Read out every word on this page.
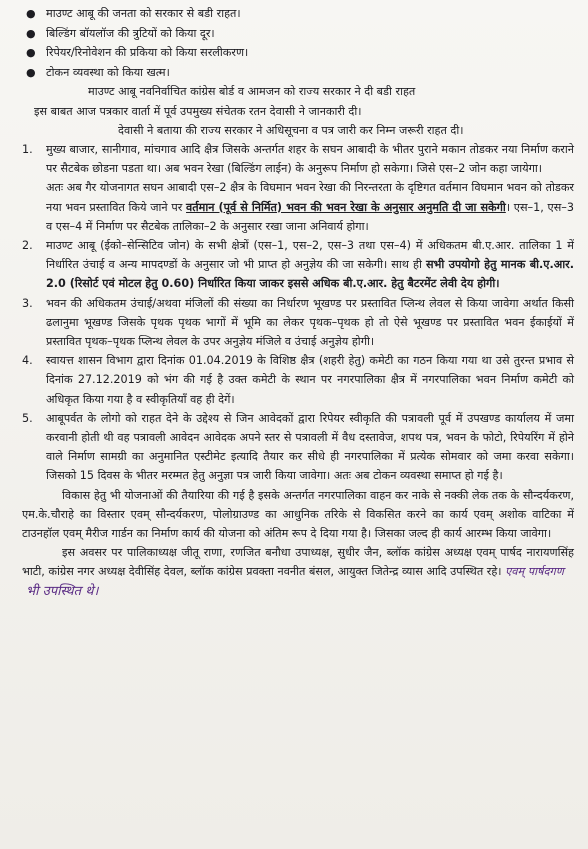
● माउण्ट आबू की जनता को सरकार से बडी राहत।
● बिल्डिंग बॉयलॉज की त्रुटियों को किया दूर।
● रिपेयर/रिनोवेशन की प्रकिया को किया सरलीकरण।
● टोकन व्यवस्था को किया खत्म।

माउण्ट आबू नवनिर्वाचित कांग्रेस बोर्ड व आमजन को राज्य सरकार ने दी बडी राहत

इस बाबत आज पत्रकार वार्ता में पूर्व उपमुख्य संचेतक रतन देवासी ने जानकारी दी।

देवासी ने बताया की राज्य सरकार ने अधिसूचना व पत्र जारी कर निम्न जरूरी राहत दी।

1. मुख्य बाजार, सानीगाव, मांचगाव आदि क्षैत्र जिसके अन्तर्गत शहर के सघन आबादी के भीतर पुराने मकान तोडकर नया निर्माण कराने पर सैटबेक छोडना पडता था। अब भवन रेखा (बिल्डिंग लाईन) के अनुरूप निर्माण हो सकेगा। जिसे एस–2 जोन कहा जायेगा।

अतः अब गैर योजनागत सघन आबादी एस–2 क्षैत्र के विघमान भवन रेखा की निरन्तरता के दृष्टिगत वर्तमान विघमान भवन को तोडकर नया भवन प्रस्तावित किये जाने पर वर्तमान (पूर्व से निर्मित) भवन की भवन रेखा के अनुसार अनुमति दी जा सकेगी। एस–1, एस–3 व एस–4 में निर्माण पर सैटबेक तालिका–2 के अनुसार रखा जाना अनिवार्य होगा।

2. माउण्ट आबू (ईको–सेन्सिटिव जोन) के सभी क्षेत्रों (एस–1, एस–2, एस–3 तथा एस–4) में अधिकतम बी.ए.आर. तालिका 1 में निर्धारित उंचाई व अन्य मापदण्डों के अनुसार जो भी प्राप्त हो अनुज्ञेय की जा सकेगी। साथ ही सभी उपयोगो हेतु मानक बी.ए.आर. 2.0 (रिसोर्ट एवं मोटल हेतु 0.60) निर्धारित किया जाकर इससे अधिक बी.ए.आर. हेतु बैटरमेंट लेवी देय होगी।

3. भवन की अधिकतम उंचाई/अथवा मंजिलों की संख्या का निर्धारण भूखण्ड पर प्रस्तावित प्लिन्थ लेवल से किया जावेगा अर्थात किसी ढलानुमा भूखण्ड जिसके पृथक पृथक भागों में भूमि का लेकर पृथक–पृथक हो तो ऐसे भूखण्ड पर प्रस्तावित भवन ईकाईयों में प्रस्तावित पृथक–पृथक प्लिन्थ लेवल के उपर अनुज्ञेय मंजिले व उंचाई अनुज्ञेय होगी।

4. स्वायत्त शासन विभाग द्वारा दिनांक 01.04.2019 के विशिष्ठ क्षैत्र (शहरी हेतु) कमेटी का गठन किया गया था उसे तुरन्त प्रभाव से दिनांक 27.12.2019 को भंग की गई है उक्त कमेटी के स्थान पर नगरपालिका क्षैत्र में नगरपालिका भवन निर्माण कमेटी को अधिकृत किया गया है व स्वीकृतियाँ वह ही देगें।

5. आबूपर्वत के लोगो को राहत देने के उद्देश्य से जिन आवेदकों द्वारा रिपेयर स्वीकृति की पत्रावली पूर्व में उपखण्ड कार्यालय में जमा करवानी होती थी वह पत्रावली आवेदन आवेदक अपने स्तर से पत्रावली में वैध दस्तावेज, शपथ पत्र, भवन के फोटो, रिपेयरिंग में होने वाले निर्माण सामग्री का अनुमानित एस्टीमेट इत्यादि तैयार कर सीधे ही नगरपालिका में प्रत्येक सोमवार को जमा करवा सकेगा। जिसको 15 दिवस के भीतर मरम्मत हेतु अनुज्ञा पत्र जारी किया जावेगा। अतः अब टोकन व्यवस्था समाप्त हो गई है।

विकास हेतु भी योजनाओं की तैयारिया की गई है इसके अन्तर्गत नगरपालिका वाहन कर नाके से नक्की लेक तक के सौन्दर्यकरण, एम.के.चौराहे का विस्तार एवम् सौन्दर्यकरण, पोलोग्राउण्ड का आधुनिक तरिके से विकसित करने का कार्य एवम् अशोक वाटिका में टाउनहॉल एवम् मैरीज गार्डन का निर्माण कार्य की योजना को अंतिम रूप दे दिया गया है। जिसका जल्द ही कार्य आरम्भ किया जावेगा।

इस अवसर पर पालिकाध्यक्ष जीतू राणा, रणजित बनौधा उपाध्यक्ष, सुधीर जैन, ब्लॉक कांग्रेस अध्यक्ष एवम् पार्षद नारायणसिंह भाटी, कांग्रेस नगर अध्यक्ष देवीसिंह देवल, ब्लॉक कांग्रेस प्रवक्ता नवनीत बंसल, आयुक्त जितेन्द्र व्यास आदि उपस्थित रहे। एवम् पार्षदगण

भी उपस्थित थे।
